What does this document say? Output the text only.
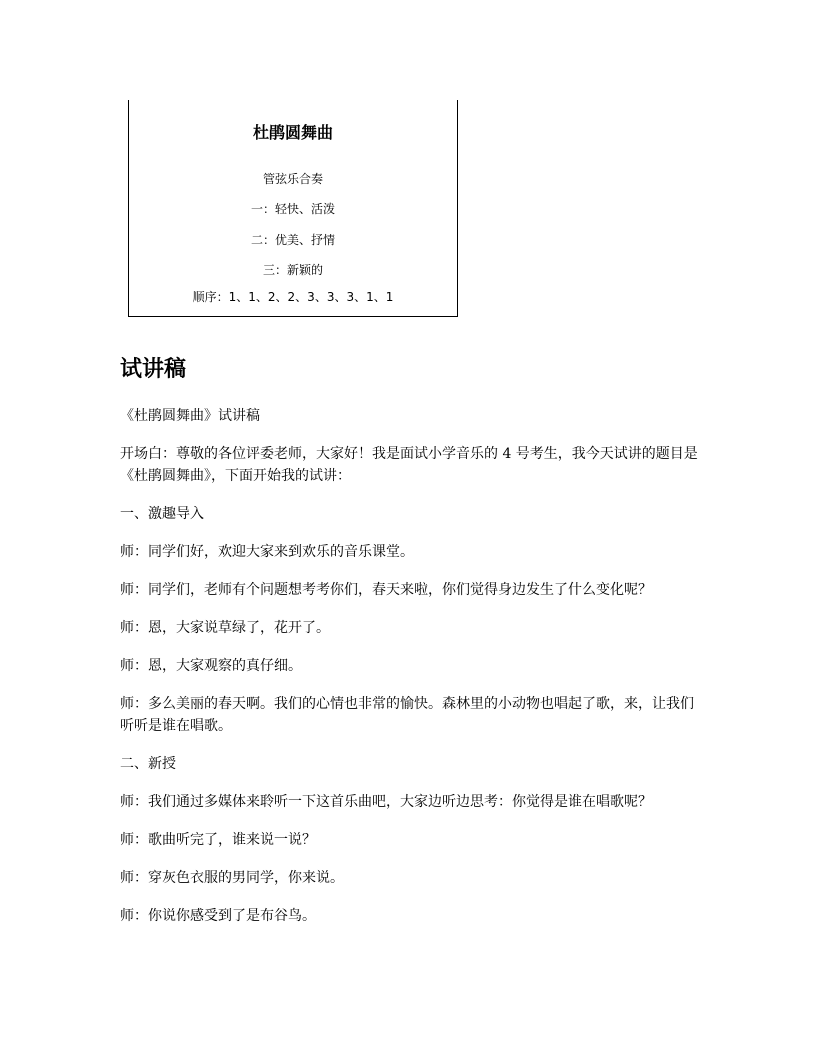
杜鹃圆舞曲
管弦乐合奏
一：轻快、活泼
二：优美、抒情
三：新颖的
顺序：1、1、2、2、3、3、3、1、1
试讲稿

《杜鹃圆舞曲》试讲稿

开场白：尊敬的各位评委老师，大家好！我是面试小学音乐的 4 号考生，我今天试讲的题目是《杜鹃圆舞曲》，下面开始我的试讲：

一、激趣导入

师：同学们好，欢迎大家来到欢乐的音乐课堂。

师：同学们，老师有个问题想考考你们，春天来啦，你们觉得身边发生了什么变化呢？

师：恩，大家说草绿了，花开了。

师：恩，大家观察的真仔细。

师：多么美丽的春天啊。我们的心情也非常的愉快。森林里的小动物也唱起了歌，来，让我们听听是谁在唱歌。

二、新授

师：我们通过多媒体来聆听一下这首乐曲吧，大家边听边思考：你觉得是谁在唱歌呢？

师：歌曲听完了，谁来说一说？

师：穿灰色衣服的男同学，你来说。

师：你说你感受到了是布谷鸟。
